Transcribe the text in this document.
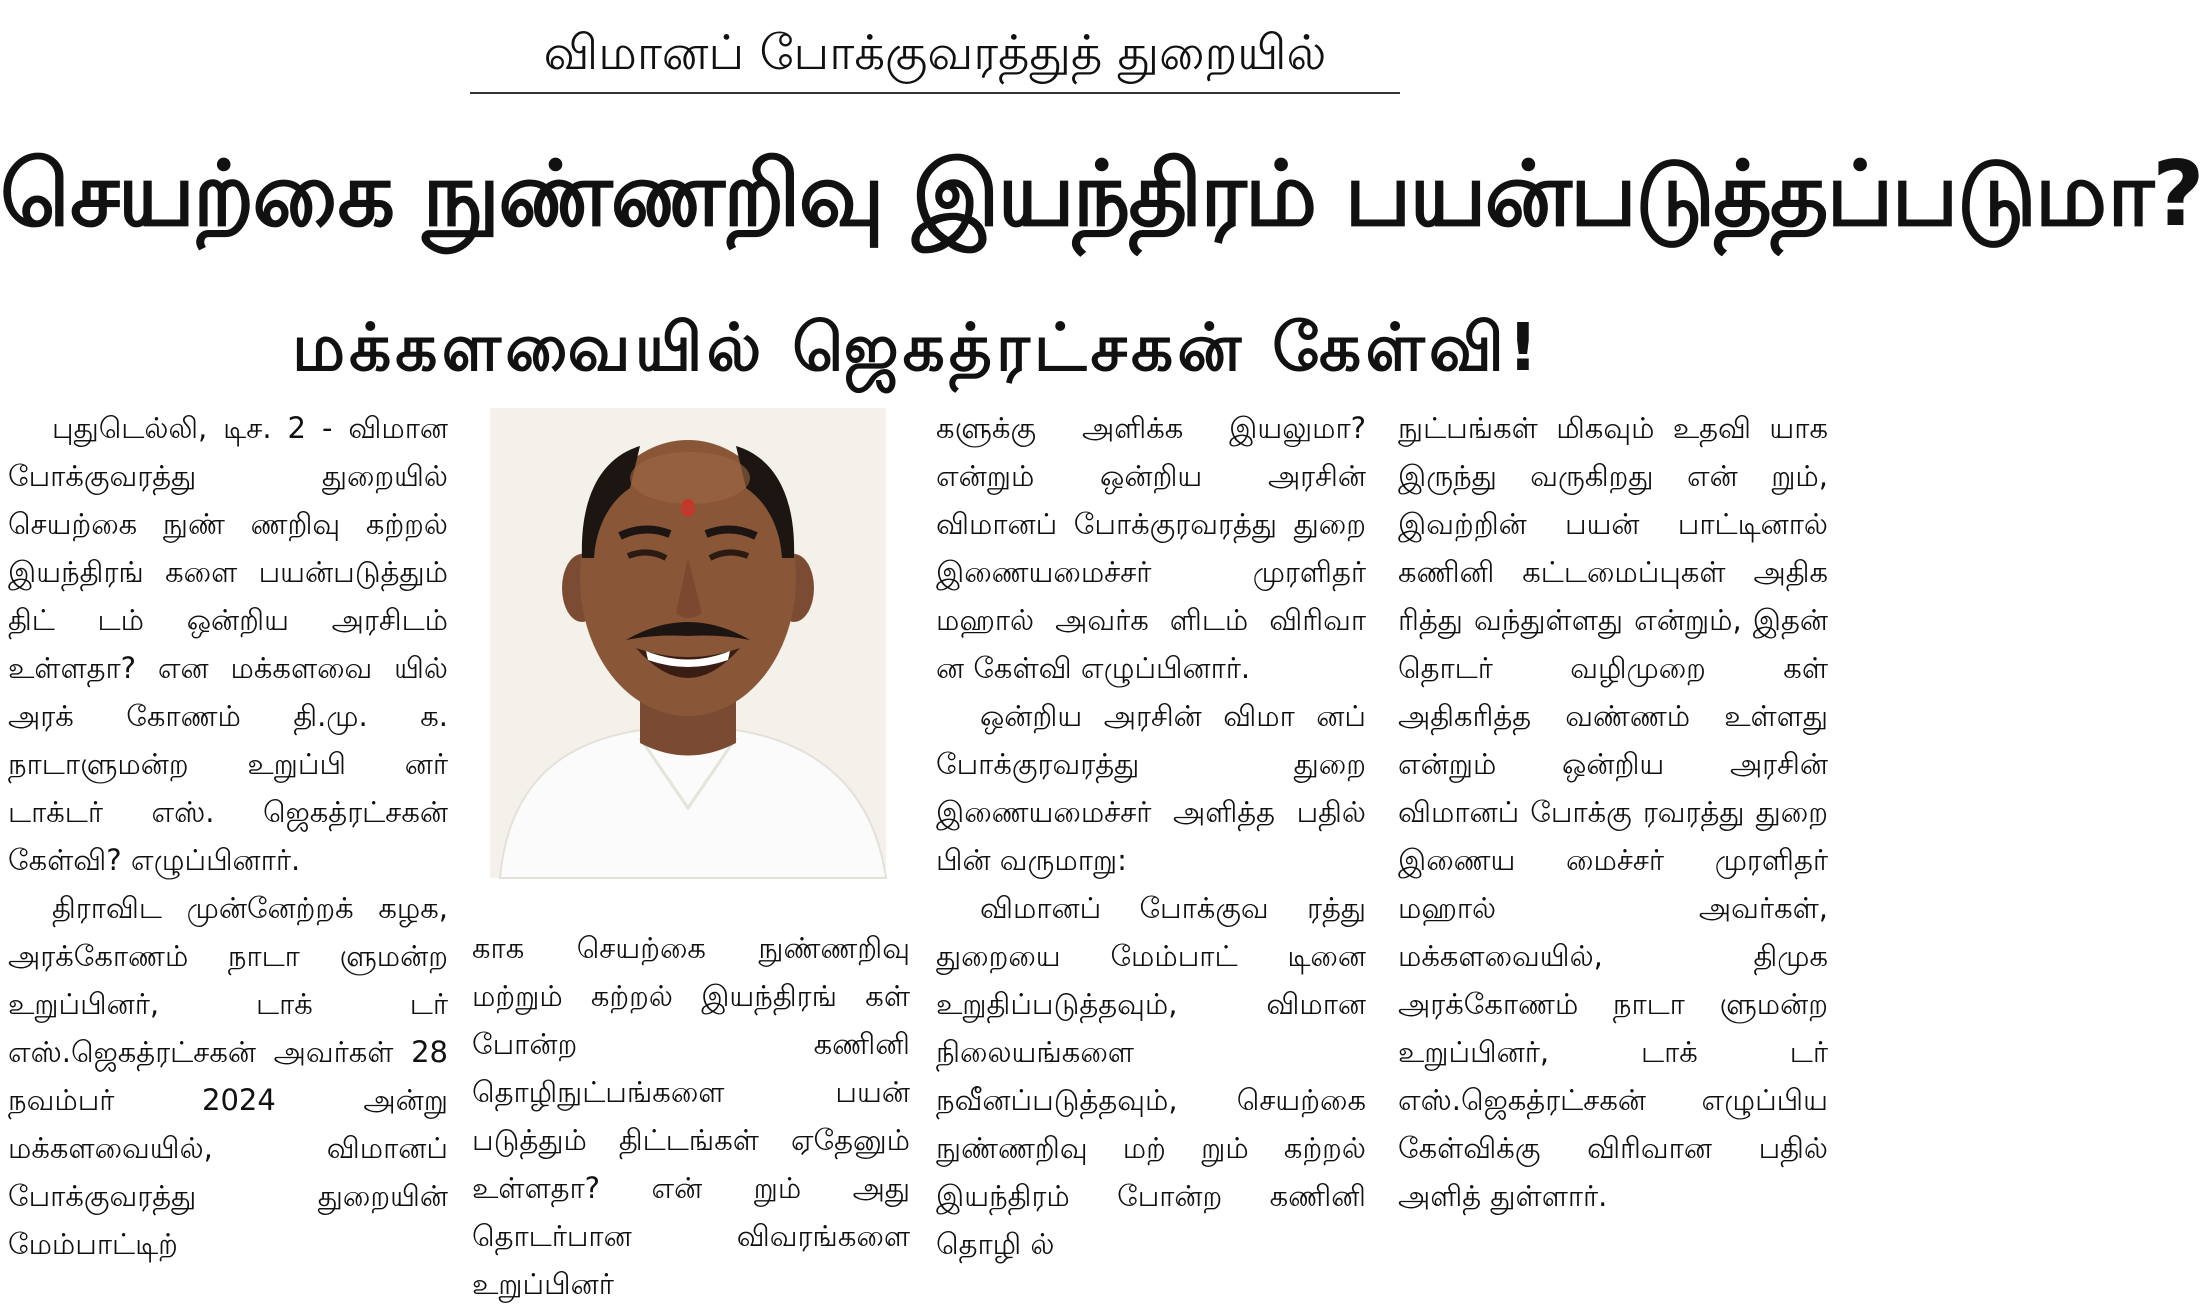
விமானப் போக்குவரத்துத் துறையில்
செயற்கை நுண்ணறிவு இயந்திரம் பயன்படுத்தப்படுமா?
மக்களவையில் ஜெகத்ரட்சகன் கேள்வி!

புதுடெல்லி, டிச. 2 - விமான போக்குவரத்து துறையில் செயற்கை நுண் ணறிவு கற்றல் இயந்திரங் களை பயன்படுத்தும் திட் டம் ஒன்றிய அரசிடம் உள்ளதா? என மக்களவை யில் அரக் கோணம் தி.மு. க. நாடாளுமன்ற உறுப்பி னர் டாக்டர் எஸ். ஜெகத்ரட்சகன் கேள்வி? எழுப்பினார்.

திராவிட முன்னேற்றக் கழக, அரக்கோணம் நாடா ளுமன்ற உறுப்பினர், டாக் டர் எஸ்.ஜெகத்ரட்சகன் அவர்கள் 28 நவம்பர் 2024 அன்று மக்களவையில், விமானப் போக்குவரத்து துறையின் மேம்பாட்டிற்

காக செயற்கை நுண்ணறிவு மற்றும் கற்றல் இயந்திரங் கள் போன்ற கணினி தொழிநுட்பங்களை பயன் படுத்தும் திட்டங்கள் ஏதேனும் உள்ளதா? என் றும் அது தொடர்பான விவரங்களை உறுப்பினர்

களுக்கு அளிக்க இயலுமா? என்றும் ஒன்றிய அரசின் விமானப் போக்குரவரத்து துறை இணையமைச்சர் முரளிதர் மஹால் அவர்க ளிடம் விரிவா ன கேள்வி எழுப்பினார்.

ஒன்றிய அரசின் விமா னப் போக்குரவரத்து துறை இணையமைச்சர் அளித்த பதில் பின் வருமாறு:

விமானப் போக்குவ ரத்து துறையை மேம்பாட் டினை உறுதிப்படுத்தவும், விமான நிலையங்களை நவீனப்படுத்தவும், செயற்கை நுண்ணறிவு மற் றும் கற்றல் இயந்திரம் போன்ற கணினி தொழி ல்

நுட்பங்கள் மிகவும் உதவி யாக இருந்து வருகிறது என் றும், இவற்றின் பயன் பாட்டினால் கணினி கட்டமைப்புகள் அதிக ரித்து வந்துள்ளது என்றும், இதன் தொடர் வழிமுறை கள் அதிகரித்த வண்ணம் உள்ளது என்றும் ஒன்றிய அரசின் விமானப் போக்கு ரவரத்து துறை இணைய மைச்சர் முரளிதர் மஹால் அவர்கள், மக்களவையில், திமுக அரக்கோணம் நாடா ளுமன்ற உறுப்பினர், டாக் டர் எஸ்.ஜெகத்ரட்சகன் எழுப்பிய கேள்விக்கு விரிவான பதில் அளித் துள்ளார்.
